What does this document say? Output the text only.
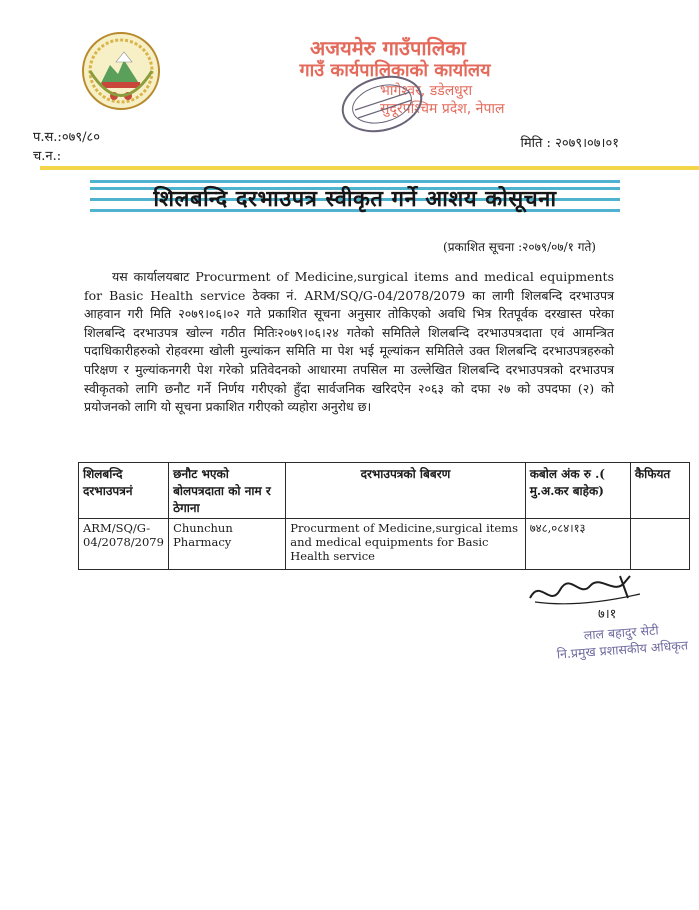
अजयमेरु गाउँपालिका
गाउँ कार्यपालिकाको कार्यालय
भागेश्वर, डडेलधुरा
सुदूरपश्चिम प्रदेश, नेपाल
प.स.:०७९/८०
च.न.:
मिति : २०७९।०७।०१
शिलबन्दि दरभाउपत्र स्वीकृत गर्ने आशय कोसूचना
(प्रकाशित सूचना :२०७९/०७/१ गते)

यस कार्यालयबाट Procurment of Medicine,surgical items and medical equipments for Basic Health service ठेक्का नं. ARM/SQ/G-04/2078/2079 का लागी शिलबन्दि दरभाउपत्र आहवान गरी मिति २०७९।०६।०२ गते प्रकाशित सूचना अनुसार तोकिएको अवधि भित्र रितपूर्वक दरखास्त परेका शिलबन्दि दरभाउपत्र खोल्न गठीत मितिः२०७९।०६।२४ गतेको समितिले शिलबन्दि दरभाउपत्रदाता एवं आमन्त्रित पदाधिकारीहरुको रोहवरमा खोली मुल्यांकन समिति मा पेश भई मूल्यांकन समितिले उक्त शिलबन्दि दरभाउपत्रहरुको परिक्षण र मुल्यांकनगरी पेश गरेको प्रतिवेदनको आधारमा तपसिल मा उल्लेखित शिलबन्दि दरभाउपत्रको दरभाउपत्र स्वीकृतको लागि छनौट गर्ने निर्णय गरीएको हुँदा सार्वजनिक खरिदऐन २०६३ को दफा २७ को उपदफा (२) को प्रयोजनको लागि यो सूचना प्रकाशित गरीएको व्यहोरा अनुरोध छ।

शिलबन्दि दरभाउपत्रनं	छनौट भएको बोलपत्रदाता को नाम र ठेगाना	दरभाउपत्रको बिबरण	कबोल अंक रु .( मु.अ.कर बाहेक)	कैफियत
ARM/SQ/G-04/2078/2079	Chunchun Pharmacy	Procurment of Medicine,surgical items and medical equipments for Basic Health service	७४८,०८४।१३	
७।१
लाल बहादुर सेटी
नि.प्रमुख प्रशासकीय अधिकृत
